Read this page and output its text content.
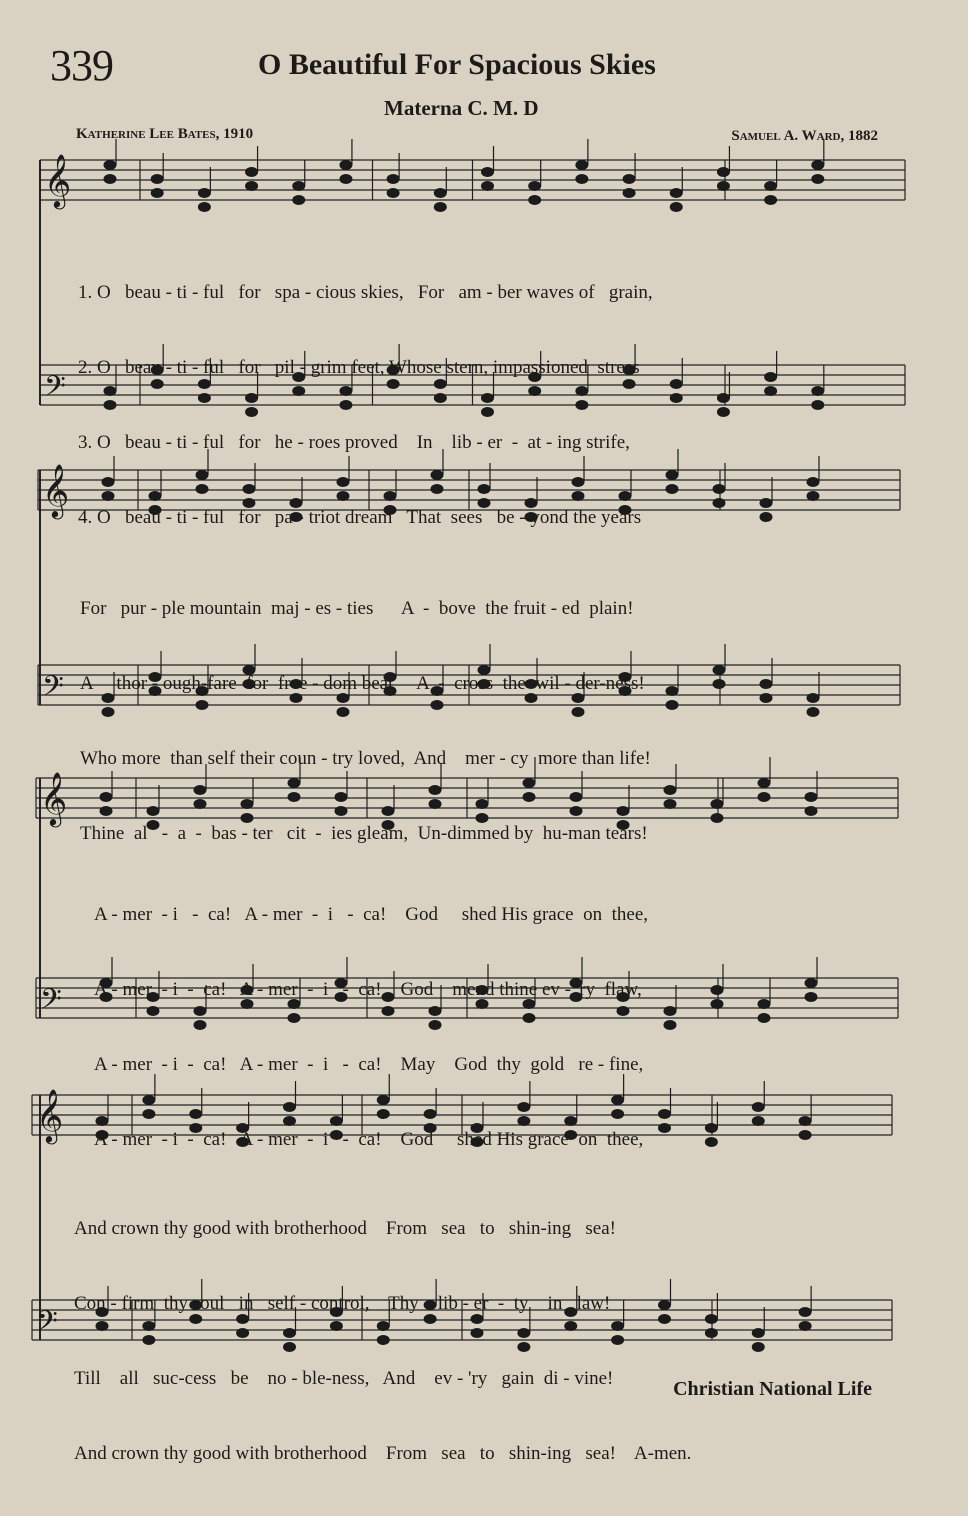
339	O Beautiful For Spacious Skies
Materna C. M. D
Katherine Lee Bates, 1910	Samuel A. Ward, 1882
𝄞
𝄢
𝄞
𝄢
𝄞
𝄢
𝄞
𝄢

1. O   beau - ti - ful   for   spa - cious skies,   For   am - ber waves of   grain,

2. O   beau - ti - ful   for   pil - grim feet, Whose stern, impassioned  stress

3. O   beau - ti - ful   for   he - roes proved    In    lib - er  -  at - ing strife,

4. O   beau - ti - ful   for   pa - triot dream   That  sees   be - yond the years

For   pur - ple mountain  maj - es - ties      A  -  bove  the fruit - ed  plain!

A     thor - ough-fare  for  free - dom beat     A  -  cross  the  wil - der-ness!

Who more  than self their coun - try loved,  And    mer - cy  more than life!

Thine  al   -  a  -  bas - ter   cit  -  ies gleam,  Un-dimmed by  hu-man tears!

A - mer  - i   -  ca!   A - mer  -  i   -  ca!    God     shed His grace  on  thee,

A - mer  - i  -  ca!   A - mer  -  i   -  ca!    God    mend thine ev - 'ry  flaw,

A - mer  - i  -  ca!   A - mer  -  i   -  ca!    May    God  thy  gold   re - fine,

A - mer  - i  -  ca!   A - mer  -  i   -  ca!    God     shed His grace  on  thee,

And crown thy good with brotherhood    From   sea   to   shin-ing   sea!

Con - firm  thy soul   in   self - control,    Thy    lib - er  -  ty    in   law!

Till    all   suc-cess   be    no - ble-ness,   And    ev - 'ry   gain  di - vine!

And crown thy good with brotherhood    From   sea   to   shin-ing   sea!    A-men.

Christian National Life
